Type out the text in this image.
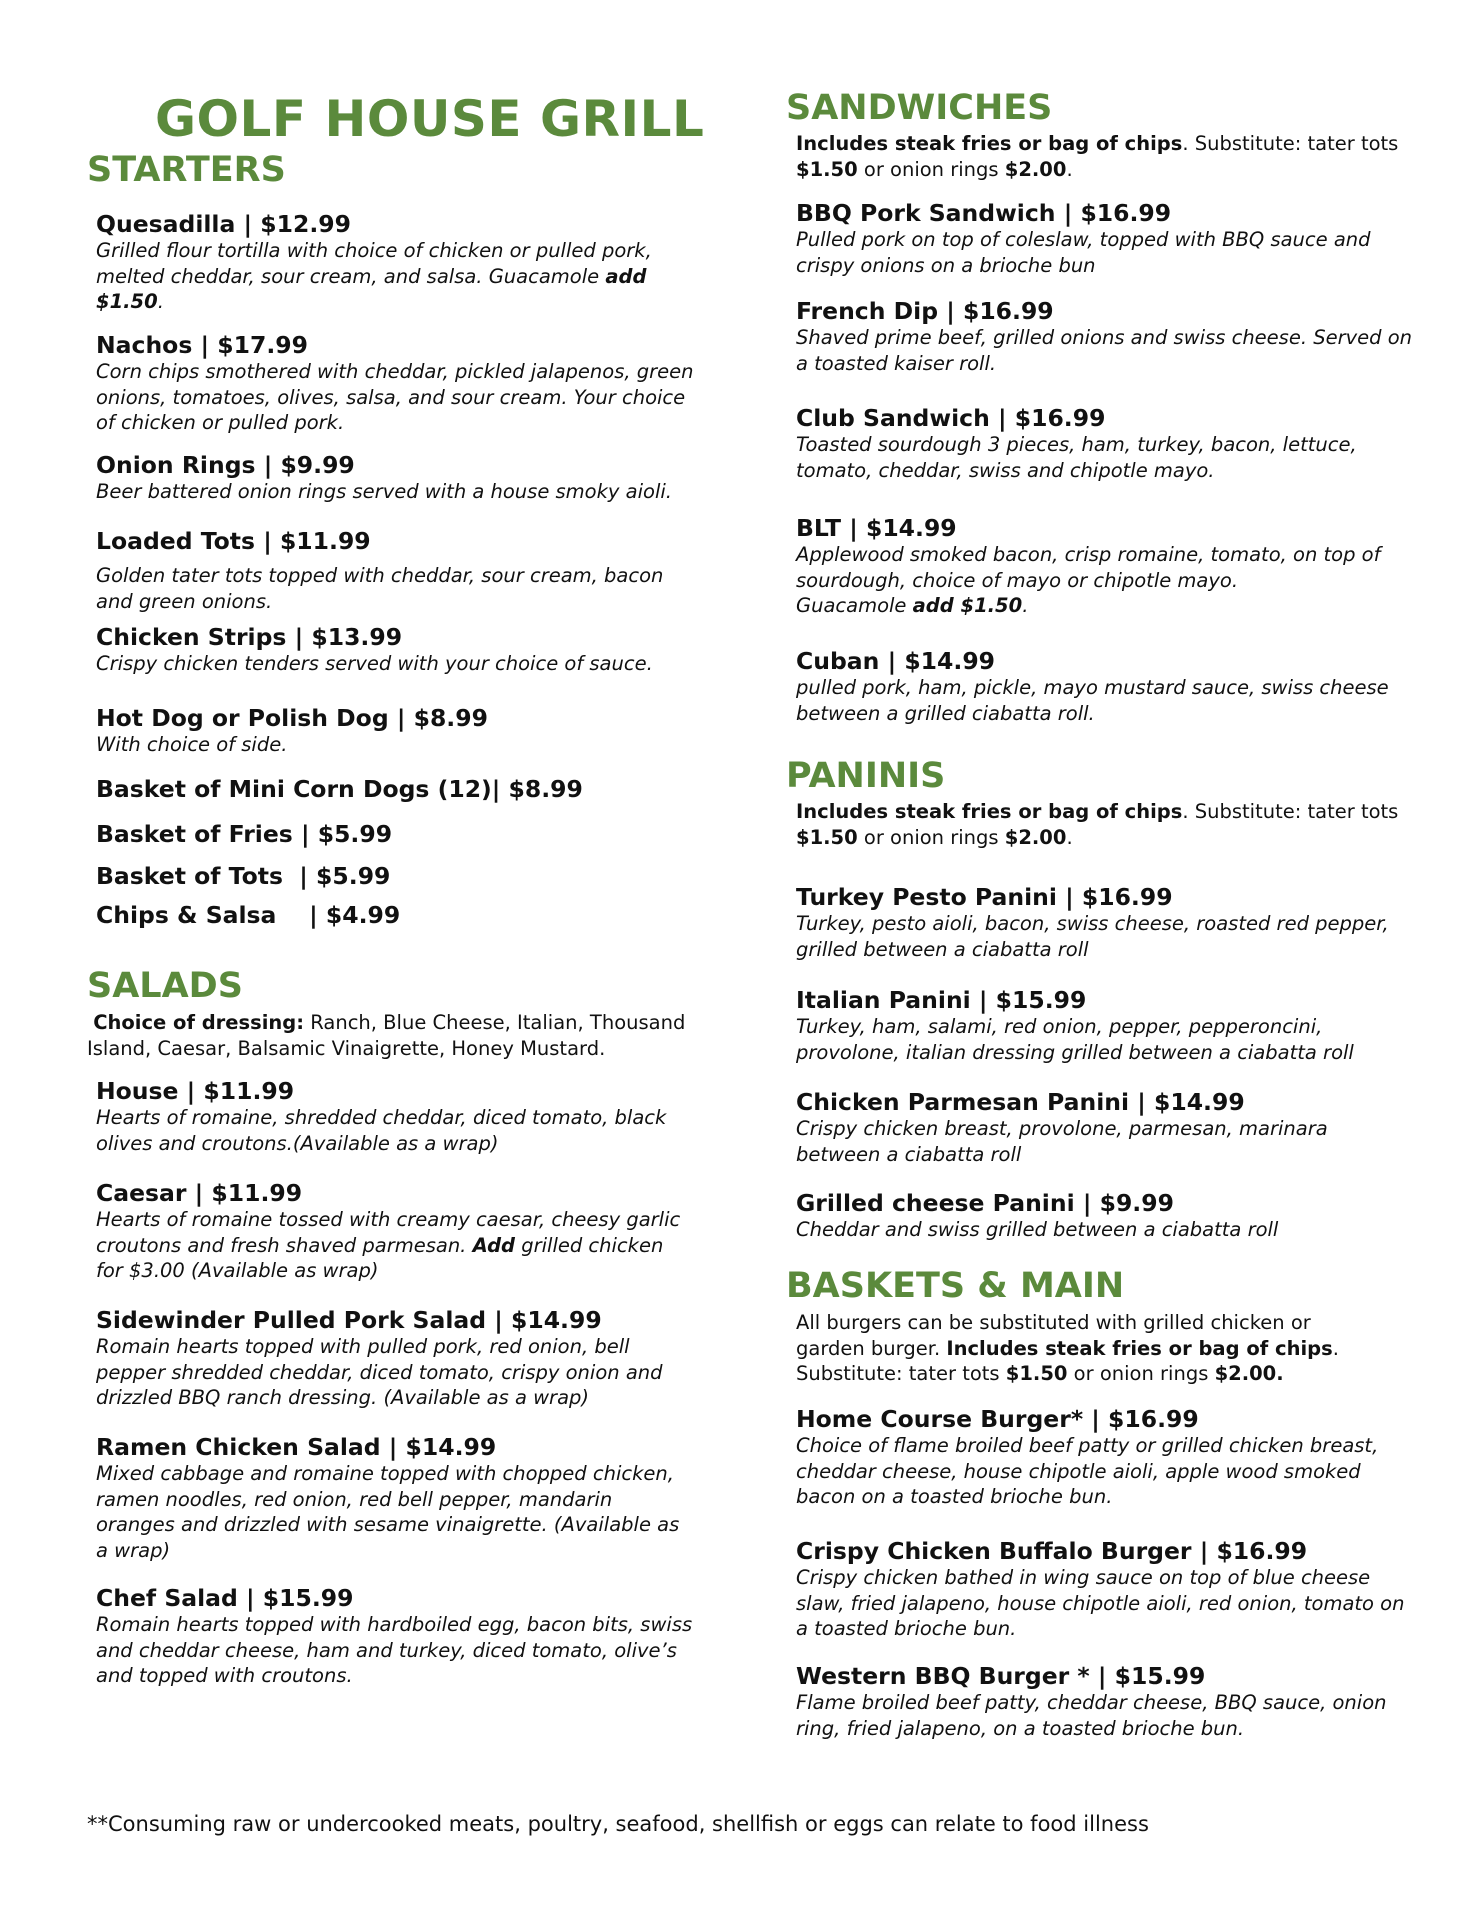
GOLF HOUSE GRILL
STARTERS
Quesadilla | $12.99
Grilled flour tortilla with choice of chicken or pulled pork, melted cheddar, sour cream, and salsa. Guacamole add $1.50.
Nachos | $17.99
Corn chips smothered with cheddar, pickled jalapenos, green onions, tomatoes, olives, salsa, and sour cream. Your choice of chicken or pulled pork.
Onion Rings | $9.99
Beer battered onion rings served with a house smoky aioli.
Loaded Tots | $11.99
Golden tater tots topped with cheddar, sour cream, bacon and green onions.
Chicken Strips | $13.99
Crispy chicken tenders served with your choice of sauce.
Hot Dog or Polish Dog | $8.99
With choice of side.
Basket of Mini Corn Dogs (12)| $8.99
Basket of Fries | $5.99
Basket of Tots  | $5.99
Chips & Salsa    | $4.99
SALADS
Choice of dressing: Ranch, Blue Cheese, Italian, Thousand Island, Caesar, Balsamic Vinaigrette, Honey Mustard.
House | $11.99
Hearts of romaine, shredded cheddar, diced tomato, black olives and croutons.(Available as a wrap)
Caesar | $11.99
Hearts of romaine tossed with creamy caesar, cheesy garlic croutons and fresh shaved parmesan. Add grilled chicken for $3.00 (Available as wrap)
Sidewinder Pulled Pork Salad | $14.99
Romain hearts topped with pulled pork, red onion, bell pepper shredded cheddar, diced tomato, crispy onion and drizzled BBQ ranch dressing. (Available as a wrap)
Ramen Chicken Salad | $14.99
Mixed cabbage and romaine topped with chopped chicken, ramen noodles, red onion, red bell pepper, mandarin oranges and drizzled with sesame vinaigrette. (Available as a wrap)
Chef Salad | $15.99
Romain hearts topped with hardboiled egg, bacon bits, swiss and cheddar cheese, ham and turkey, diced tomato, olive’s and topped with croutons.
SANDWICHES
Includes steak fries or bag of chips. Substitute: tater tots $1.50 or onion rings $2.00.
BBQ Pork Sandwich | $16.99
Pulled pork on top of coleslaw, topped with BBQ sauce and crispy onions on a brioche bun
French Dip | $16.99
Shaved prime beef, grilled onions and swiss cheese. Served on a toasted kaiser roll.
Club Sandwich | $16.99
Toasted sourdough 3 pieces, ham, turkey, bacon, lettuce, tomato, cheddar, swiss and chipotle mayo.
BLT | $14.99
Applewood smoked bacon, crisp romaine, tomato, on top of sourdough, choice of mayo or chipotle mayo.
Guacamole add $1.50.
Cuban | $14.99
pulled pork, ham, pickle, mayo mustard sauce, swiss cheese between a grilled ciabatta roll.
PANINIS
Includes steak fries or bag of chips. Substitute: tater tots $1.50 or onion rings $2.00.
Turkey Pesto Panini | $16.99
Turkey, pesto aioli, bacon, swiss cheese, roasted red pepper, grilled between a ciabatta roll
Italian Panini | $15.99
Turkey, ham, salami, red onion, pepper, pepperoncini, provolone, italian dressing grilled between a ciabatta roll
Chicken Parmesan Panini | $14.99
Crispy chicken breast, provolone, parmesan, marinara between a ciabatta roll
Grilled cheese Panini | $9.99
Cheddar and swiss grilled between a ciabatta roll
BASKETS & MAIN
All burgers can be substituted with grilled chicken or garden burger. Includes steak fries or bag of chips. Substitute: tater tots $1.50 or onion rings $2.00.
Home Course Burger* | $16.99
Choice of flame broiled beef patty or grilled chicken breast, cheddar cheese, house chipotle aioli, apple wood smoked bacon on a toasted brioche bun.
Crispy Chicken Buffalo Burger | $16.99
Crispy chicken bathed in wing sauce on top of blue cheese slaw, fried jalapeno, house chipotle aioli, red onion, tomato on a toasted brioche bun.
Western BBQ Burger * | $15.99
Flame broiled beef patty, cheddar cheese, BBQ sauce, onion ring, fried jalapeno, on a toasted brioche bun.
**Consuming raw or undercooked meats, poultry, seafood, shellfish or eggs can relate to food illness
